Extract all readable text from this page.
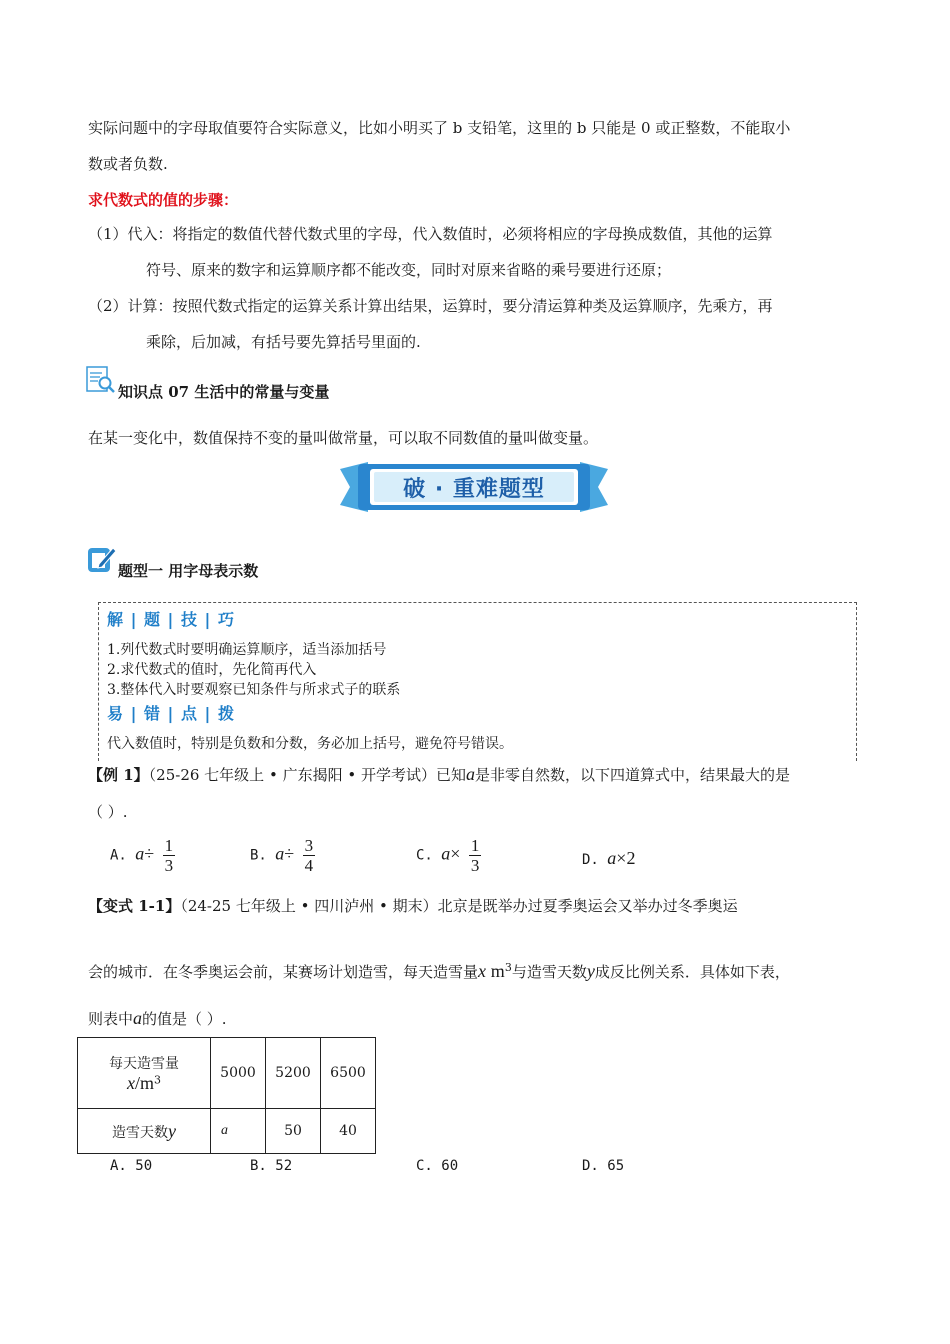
实际问题中的字母取值要符合实际意义，比如小明买了 b 支铅笔，这里的 b 只能是 0 或正整数，不能取小
数或者负数.
求代数式的值的步骤：
（1）代入：将指定的数值代替代数式里的字母，代入数值时，必须将相应的字母换成数值，其他的运算
符号、原来的数字和运算顺序都不能改变，同时对原来省略的乘号要进行还原；
（2）计算：按照代数式指定的运算关系计算出结果，运算时，要分清运算种类及运算顺序，先乘方，再
乘除，后加减，有括号要先算括号里面的.
知识点 07 生活中的常量与变量
在某一变化中，数值保持不变的量叫做常量，可以取不同数值的量叫做变量。
破 · 重难题型
题型一 用字母表示数
解 | 题 | 技 | 巧
1.列代数式时要明确运算顺序，适当添加括号
2.求代数式的值时，先化简再代入
3.整体代入时要观察已知条件与所求式子的联系
易 | 错 | 点 | 拨
代入数值时，特别是负数和分数，务必加上括号，避免符号错误。
【例 1】（25-26 七年级上 • 广东揭阳 • 开学考试）已知a是非零自然数，以下四道算式中，结果最大的是
（ ）.
A. $a\div \frac{1}{3}$	B. $a\div \frac{3}{4}$	C. $a\times \frac{1}{3}$	D. a×2
【变式 1-1】（24-25 七年级上 • 四川泸州 • 期末）北京是既举办过夏季奥运会又举办过冬季奥运
会的城市．在冬季奥运会前，某赛场计划造雪，每天造雪量x $m^3$与造雪天数y成反比例关系．具体如下表，
则表中a的值是（ ）.
每天造雪量
$x/m^3$	5000	5200	6500
造雪天数y	a	50	40
A. 50	B. 52	C. 60	D. 65
